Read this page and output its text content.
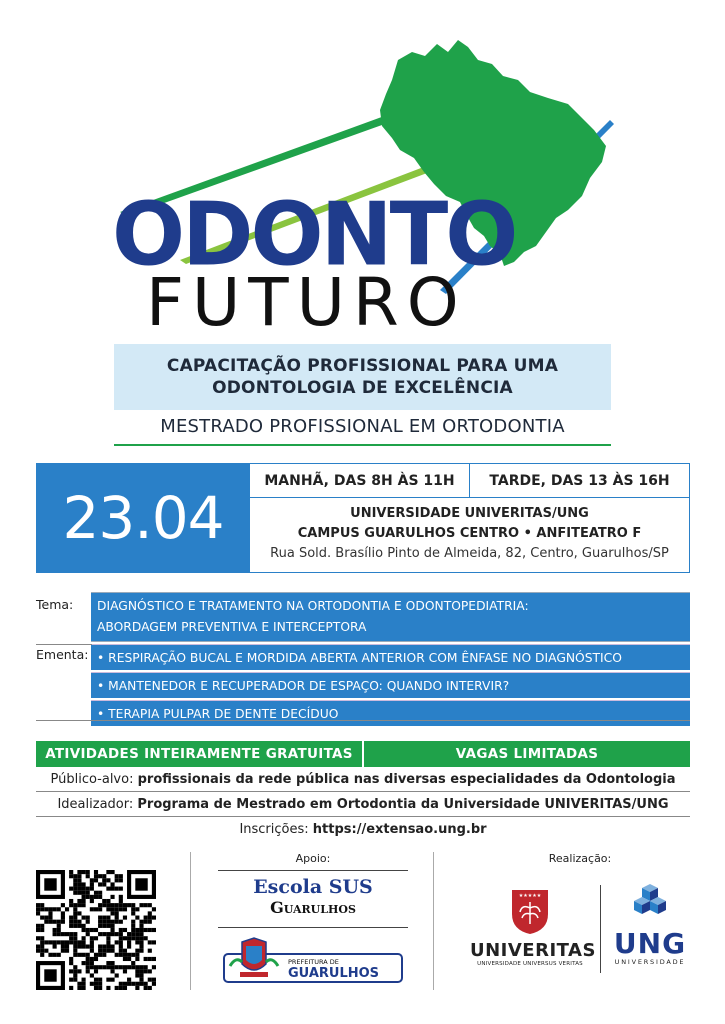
ODONTO
FUTURO
CAPACITAÇÃO PROFISSIONAL PARA UMA
ODONTOLOGIA DE EXCELÊNCIA
MESTRADO PROFISSIONAL EM ORTODONTIA
23.04
MANHÃ, DAS 8H ÀS 11H	TARDE, DAS 13 ÀS 16H
UNIVERSIDADE UNIVERITAS/UNG
CAMPUS GUARULHOS CENTRO • ANFITEATRO F
Rua Sold. Brasílio Pinto de Almeida, 82, Centro, Guarulhos/SP
Tema:	DIAGNÓSTICO E TRATAMENTO NA ORTODONTIA E ODONTOPEDIATRIA:
ABORDAGEM PREVENTIVA E INTERCEPTORA
Ementa: • RESPIRAÇÃO BUCAL E MORDIDA ABERTA ANTERIOR COM ÊNFASE NO DIAGNÓSTICO
• MANTENEDOR E RECUPERADOR DE ESPAÇO: QUANDO INTERVIR?
• TERAPIA PULPAR DE DENTE DECÍDUO
ATIVIDADES INTEIRAMENTE GRATUITAS	VAGAS LIMITADAS
Público-alvo: profissionais da rede pública nas diversas especialidades da Odontologia
Idealizador: Programa de Mestrado em Ortodontia da Universidade UNIVERITAS/UNG
Inscrições: https://extensao.ung.br
Apoio:	Realização:
Escola SUS
Guarulhos
PREFEITURA DE
GUARULHOS
★★★★★
UNIVERITAS
UNIVERSIDADE UNIVERSUS VERITAS
UNG
UNIVERSIDADE
